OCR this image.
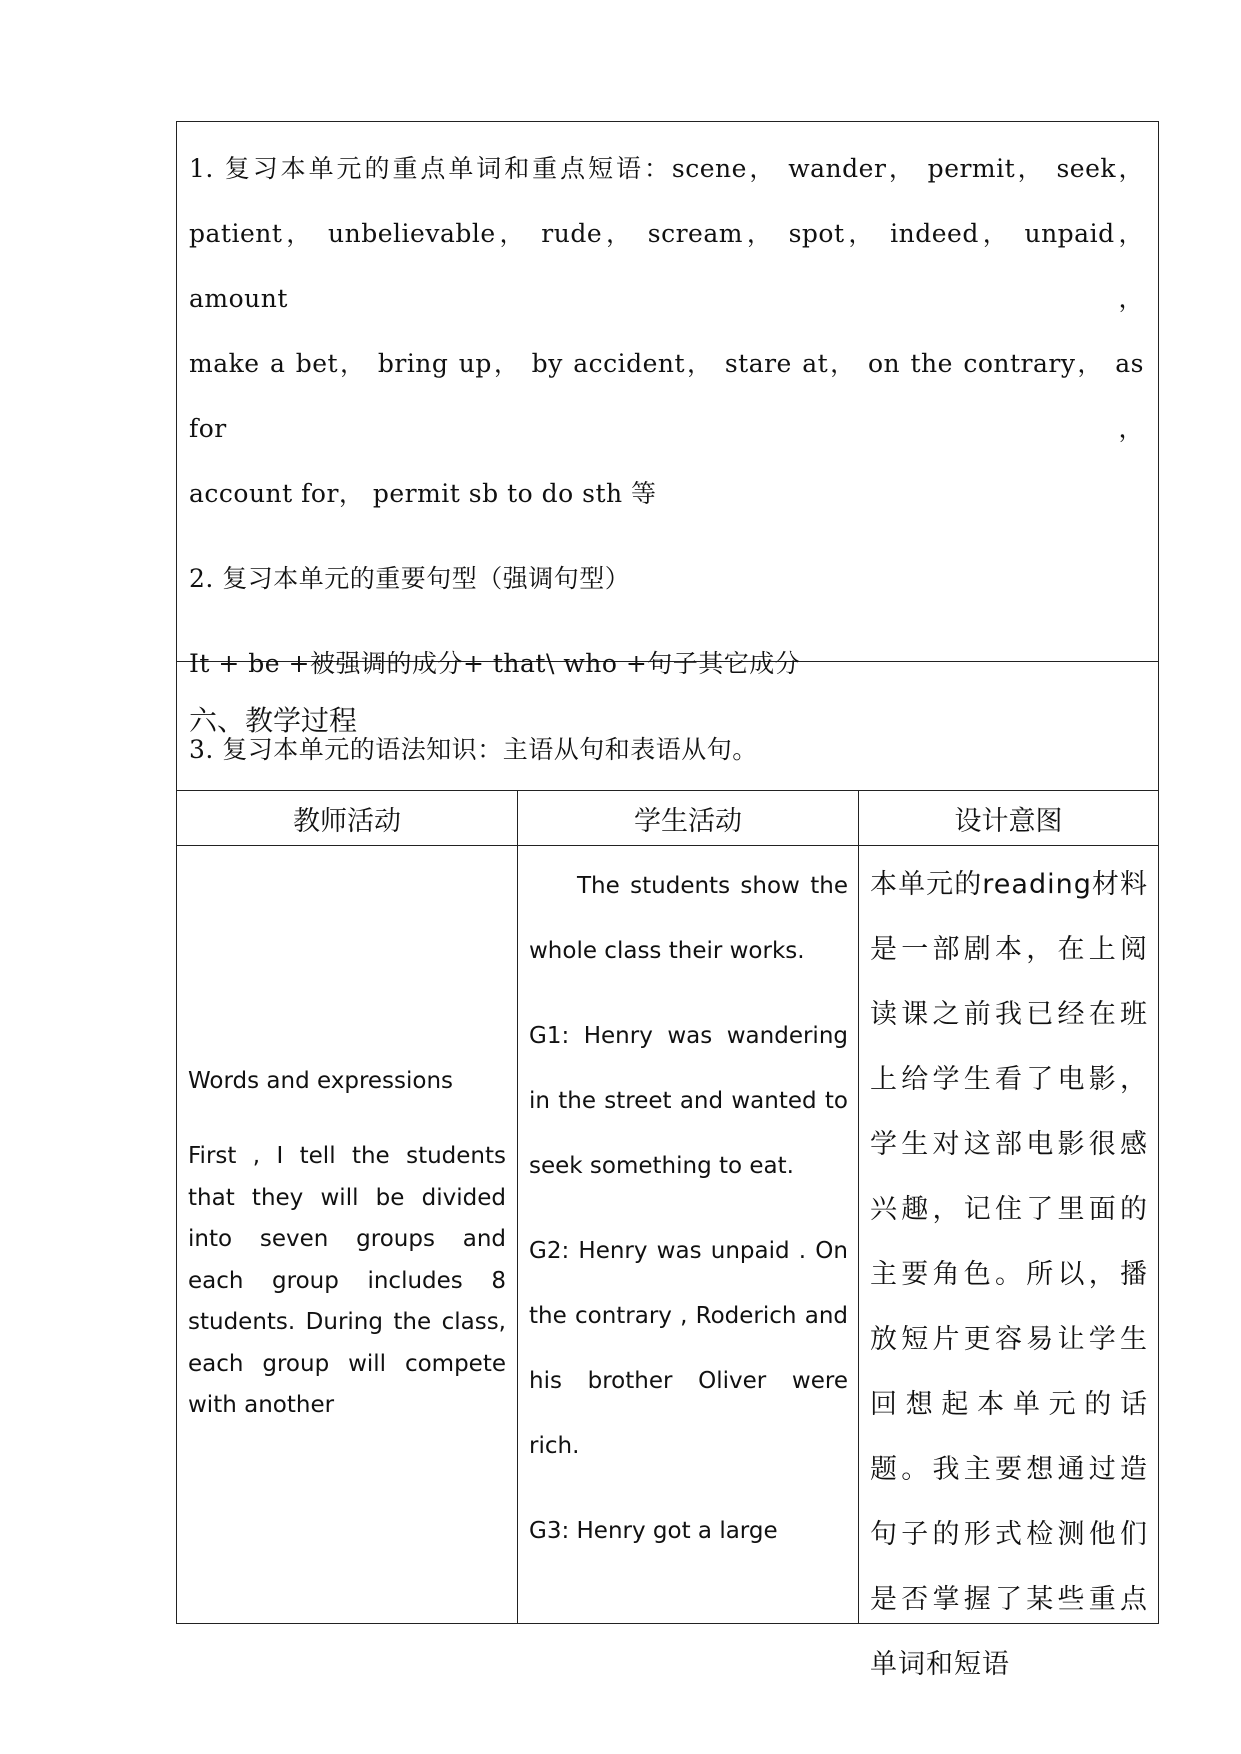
1. 复习本单元的重点单词和重点短语：scene， wander， permit， seek，
patient， unbelievable， rude， scream， spot， indeed， unpaid， amount，
make a bet， bring up， by accident， stare at， on the contrary， as for，
account for， permit sb to do sth 等
2. 复习本单元的重要句型（强调句型）
It + be +被强调的成分+ that\ who +句子其它成分
3. 复习本单元的语法知识：主语从句和表语从句。
六、教学过程
教师活动	学生活动	设计意图
Words and expressions
First , I tell the students that they will be divided into seven groups and each group includes 8 students. During the class, each group will compete with another

The students show the whole class their works.

G1: Henry was wandering in the street and wanted to seek something to eat.

G2: Henry was unpaid . On the contrary , Roderich and his brother Oliver were rich.

G3: Henry got a large

本单元的reading材料是一部剧本，在上阅读课之前我已经在班上给学生看了电影，学生对这部电影很感兴趣，记住了里面的主要角色。所以，播放短片更容易让学生回想起本单元的话题。我主要想通过造句子的形式检测他们是否掌握了某些重点单词和短语
